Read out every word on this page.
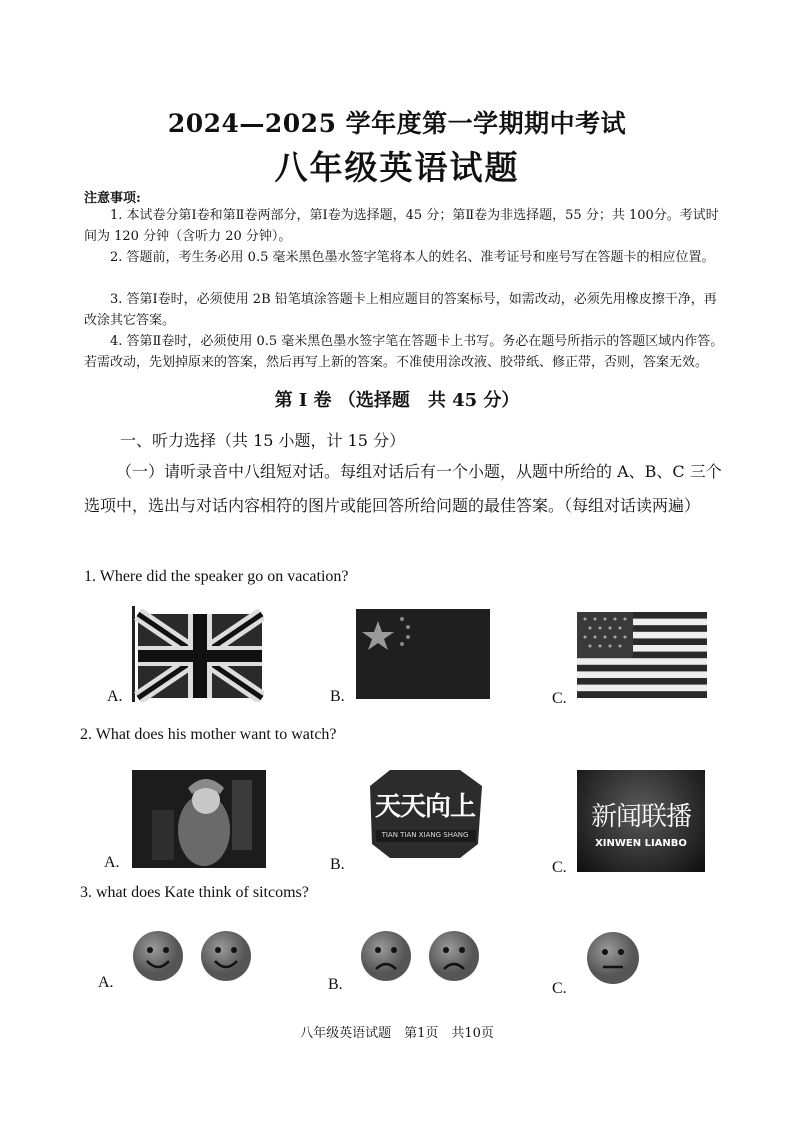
2024—2025 学年度第一学期期中考试
八年级英语试题
注意事项:
1. 本试卷分第Ⅰ卷和第Ⅱ卷两部分，第Ⅰ卷为选择题，45 分；第Ⅱ卷为非选择题，55 分；共 100分。考试时间为 120 分钟（含听力 20 分钟）。
2. 答题前，考生务必用 0.5 毫米黑色墨水签字笔将本人的姓名、准考证号和座号写在答题卡的相应位置。
3. 答第Ⅰ卷时，必须使用 2B 铅笔填涂答题卡上相应题目的答案标号，如需改动，必须先用橡皮擦干净，再改涂其它答案。
4. 答第Ⅱ卷时，必须使用 0.5 毫米黑色墨水签字笔在答题卡上书写。务必在题号所指示的答题区域内作答。若需改动，先划掉原来的答案，然后再写上新的答案。不准使用涂改液、胶带纸、修正带，否则，答案无效。
第 Ⅰ 卷 （选择题　共 45 分）
一、听力选择（共 15 小题，计 15 分）
（一）请听录音中八组短对话。每组对话后有一个小题，从题中所给的 A、B、C 三个选项中，选出与对话内容相符的图片或能回答所给问题的最佳答案。（每组对话读两遍）
1. Where did the speaker go on vacation?
A.	B.	C.
2. What does his mother want to watch?
A.	B.	C.
天天向上
TIAN TIAN XIANG SHANG
新闻联播
XINWEN LIANBO
3. what does Kate think of sitcoms?
A.	B.	C.
八年级英语试题　第1页　共10页
